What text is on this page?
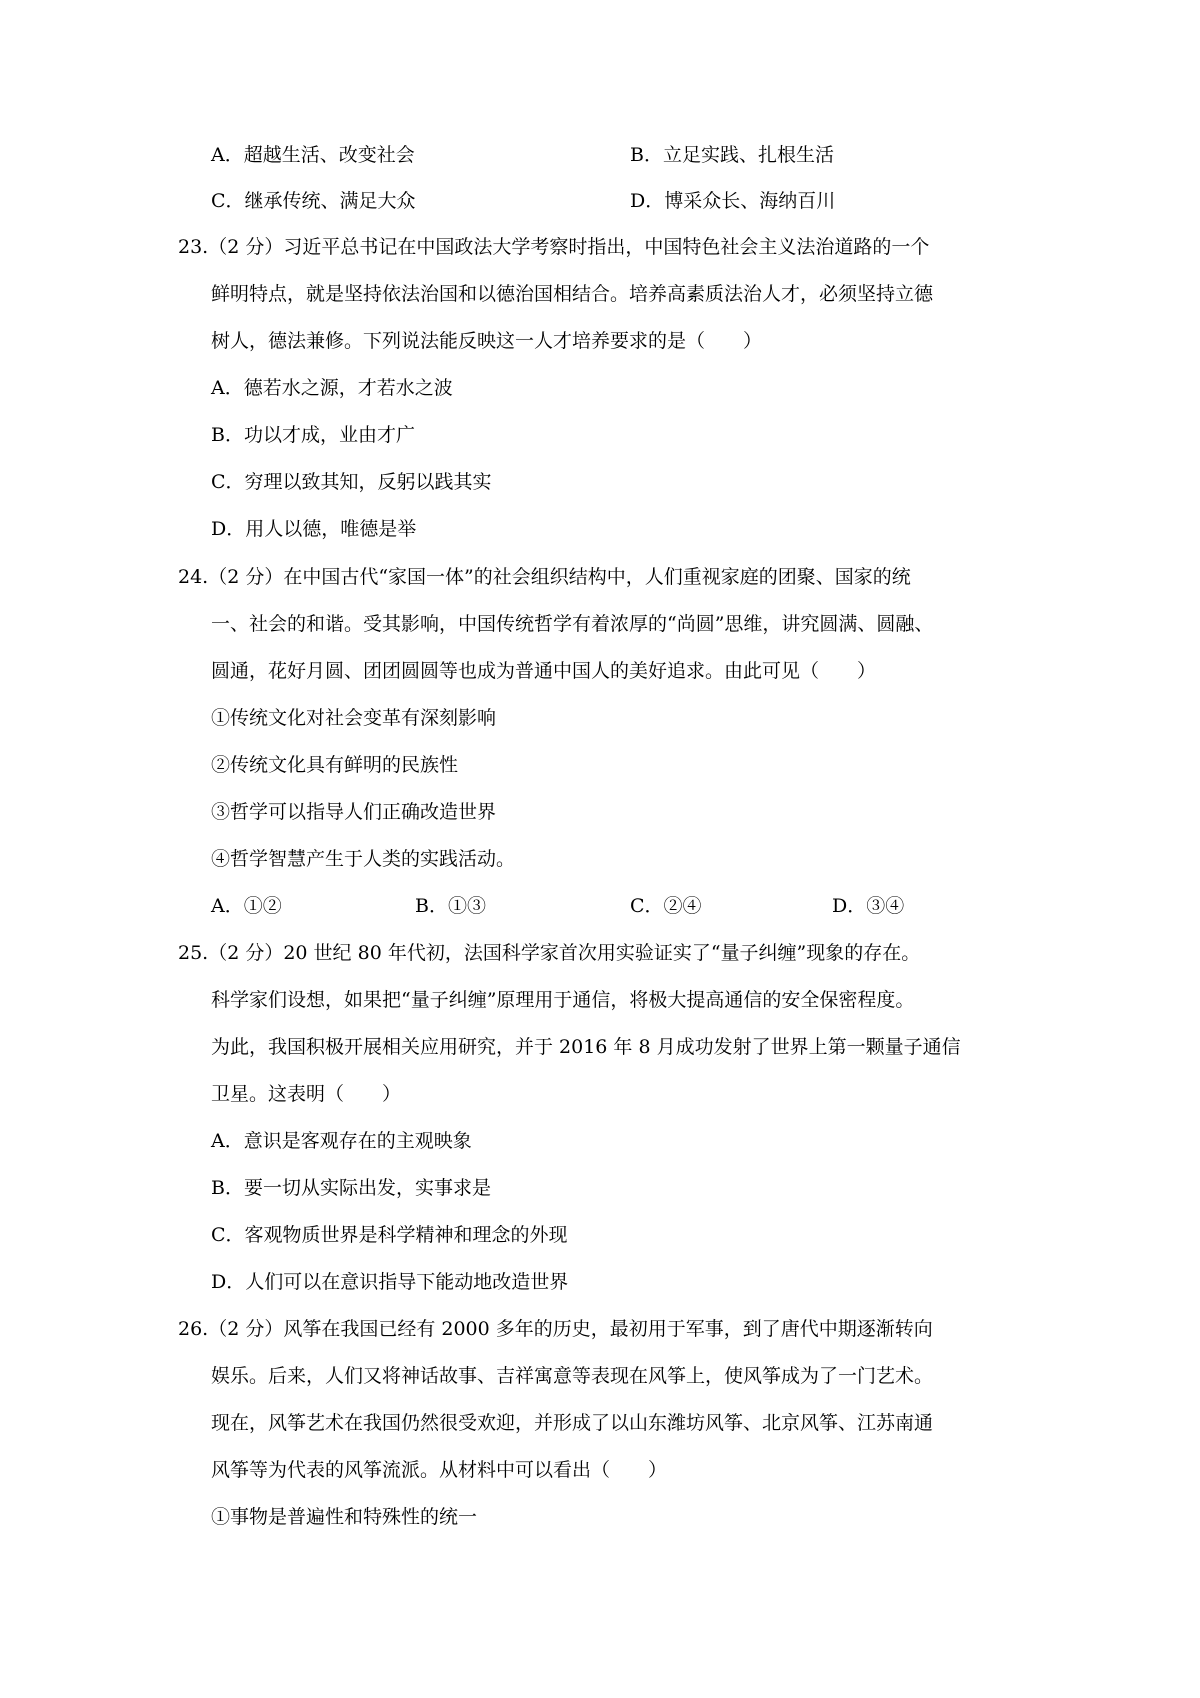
A．超越生活、改变社会	B．立足实践、扎根生活
C．继承传统、满足大众	D．博采众长、海纳百川
23.（2 分）习近平总书记在中国政法大学考察时指出，中国特色社会主义法治道路的一个
鲜明特点，就是坚持依法治国和以德治国相结合。培养高素质法治人才，必须坚持立德
树人，德法兼修。下列说法能反映这一人才培养要求的是（　　）
A．德若水之源，才若水之波
B．功以才成，业由才广
C．穷理以致其知，反躬以践其实
D．用人以德，唯德是举
24.（2 分）在中国古代“家国一体”的社会组织结构中，人们重视家庭的团聚、国家的统
一、社会的和谐。受其影响，中国传统哲学有着浓厚的“尚圆”思维，讲究圆满、圆融、
圆通，花好月圆、团团圆圆等也成为普通中国人的美好追求。由此可见（　　）
①传统文化对社会变革有深刻影响
②传统文化具有鲜明的民族性
③哲学可以指导人们正确改造世界
④哲学智慧产生于人类的实践活动。
A．①②	B．①③	C．②④	D．③④
25.（2 分）20 世纪 80 年代初，法国科学家首次用实验证实了“量子纠缠”现象的存在。
科学家们设想，如果把“量子纠缠”原理用于通信，将极大提高通信的安全保密程度。
为此，我国积极开展相关应用研究，并于 2016 年 8 月成功发射了世界上第一颗量子通信
卫星。这表明（　　）
A．意识是客观存在的主观映象
B．要一切从实际出发，实事求是
C．客观物质世界是科学精神和理念的外现
D．人们可以在意识指导下能动地改造世界
26.（2 分）风筝在我国已经有 2000 多年的历史，最初用于军事，到了唐代中期逐渐转向
娱乐。后来，人们又将神话故事、吉祥寓意等表现在风筝上，使风筝成为了一门艺术。
现在，风筝艺术在我国仍然很受欢迎，并形成了以山东潍坊风筝、北京风筝、江苏南通
风筝等为代表的风筝流派。从材料中可以看出（　　）
①事物是普遍性和特殊性的统一
